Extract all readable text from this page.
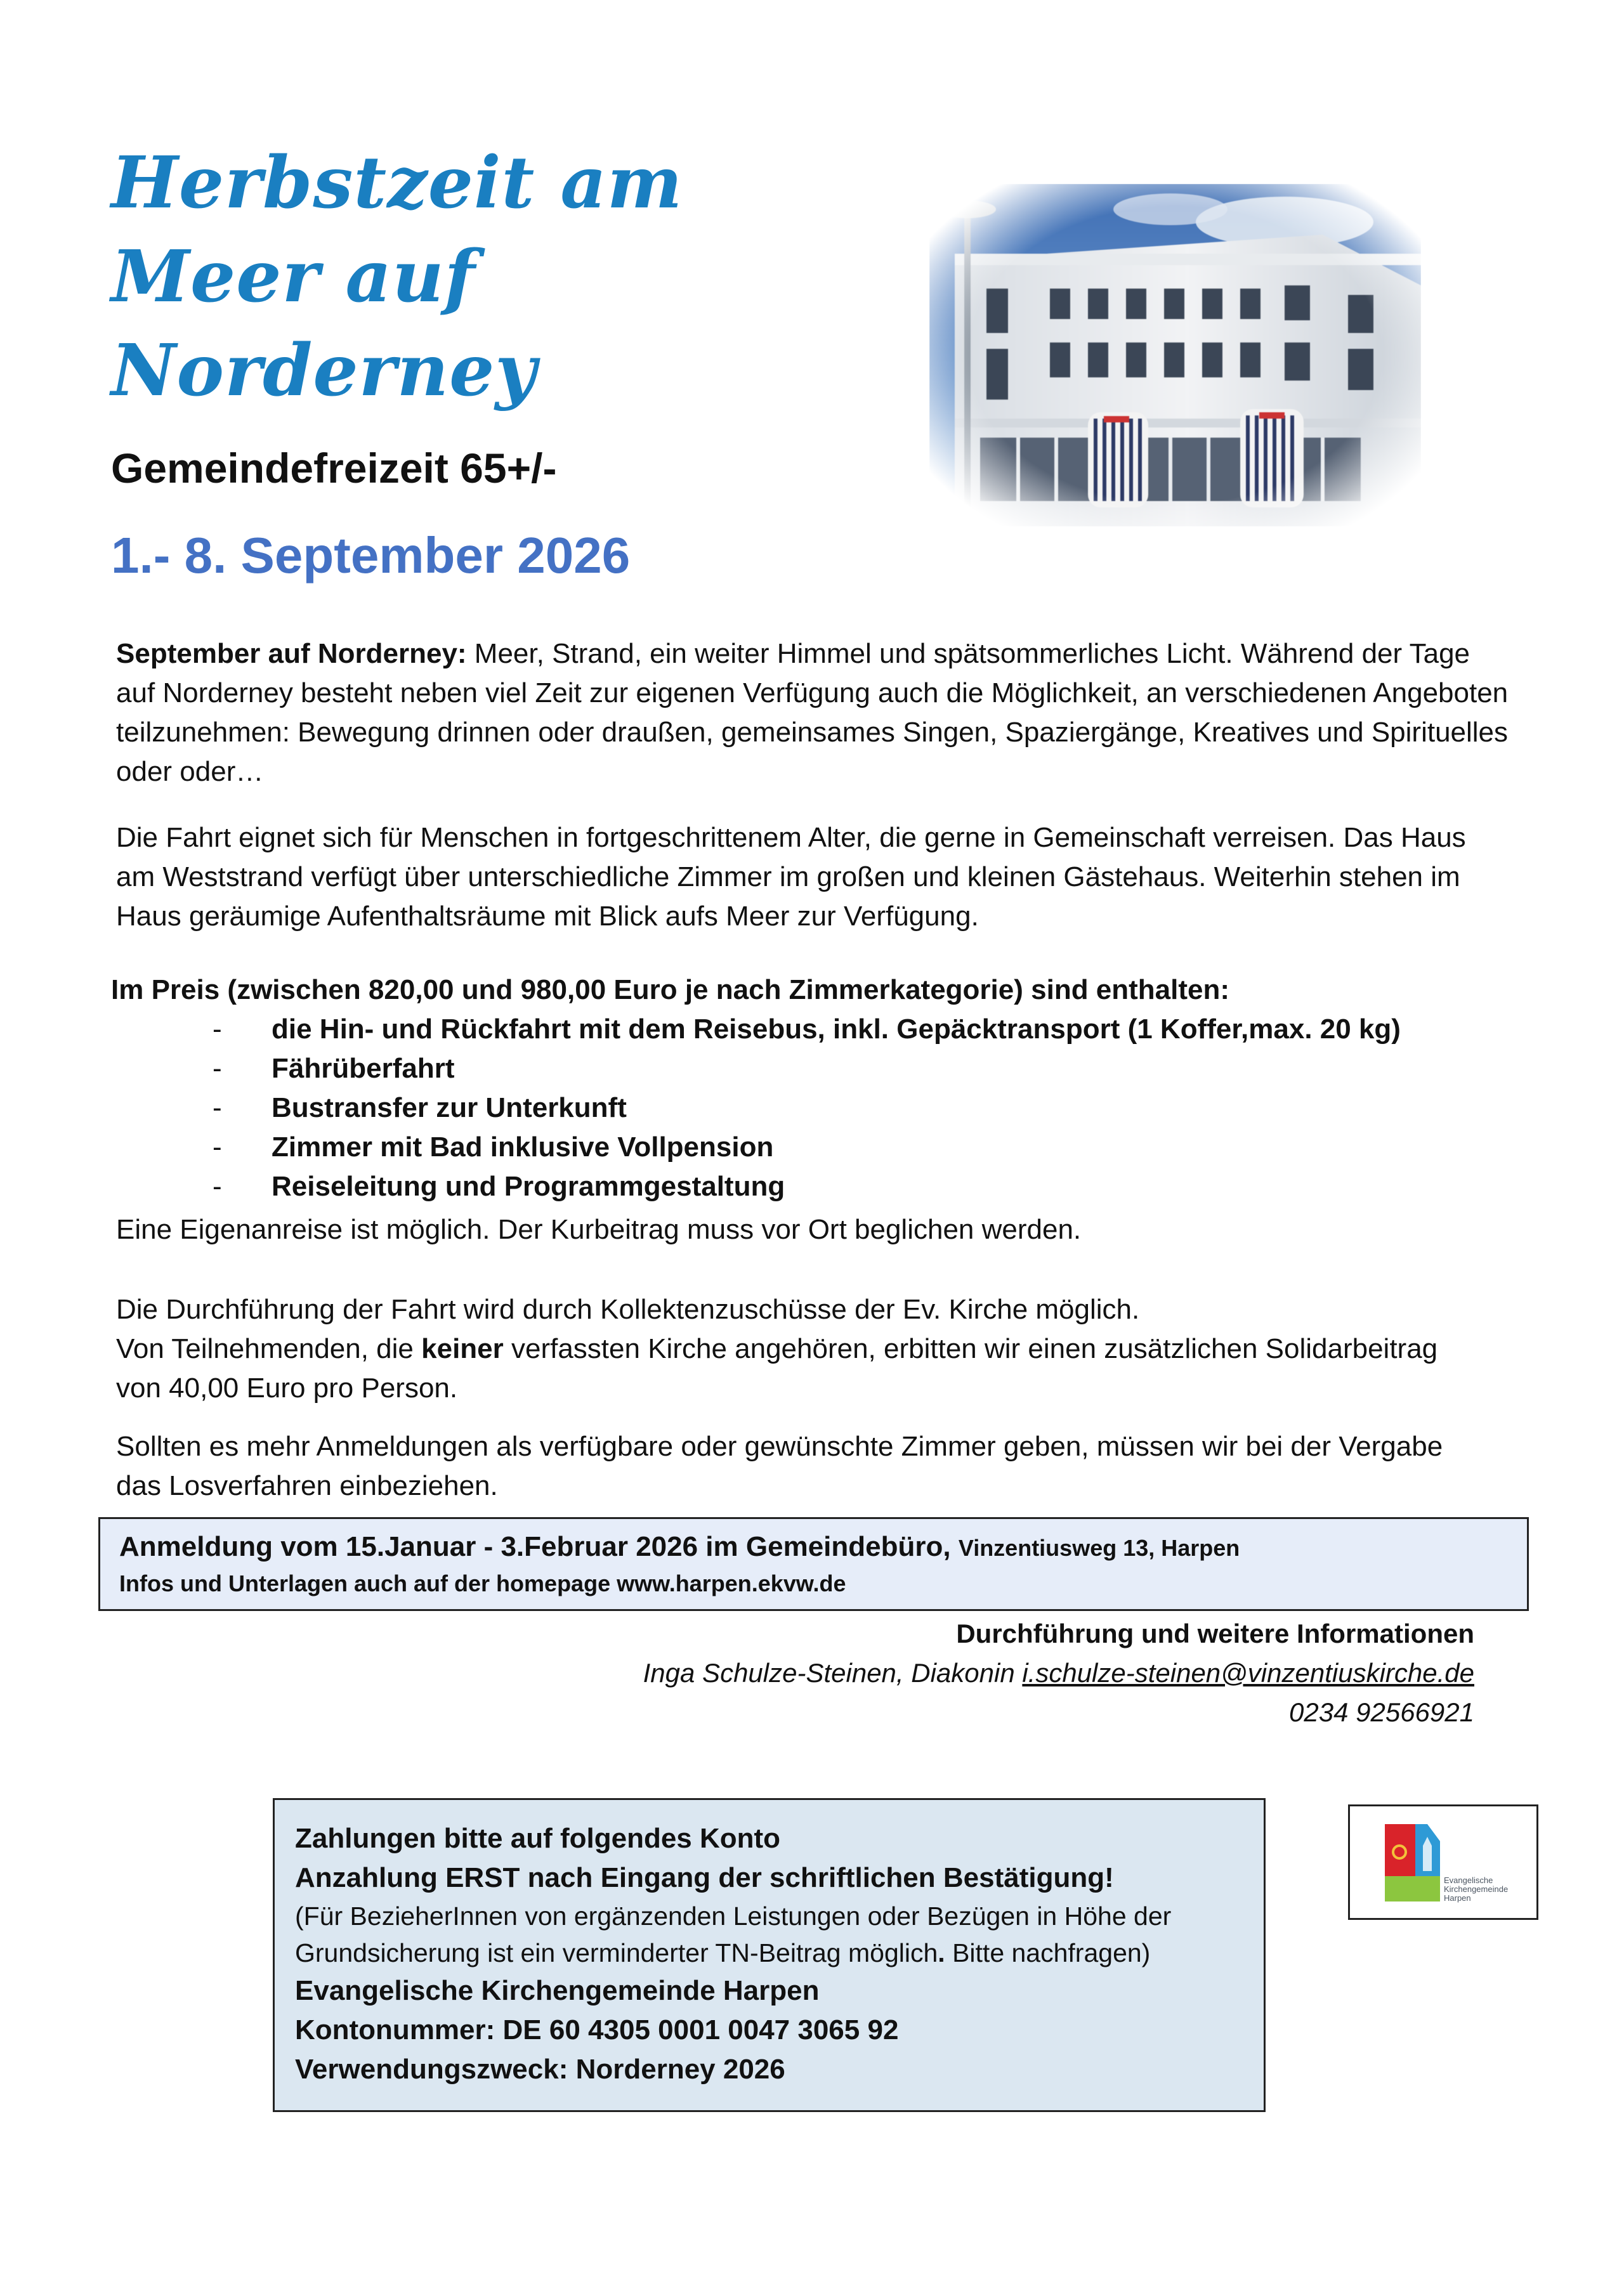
Herbstzeit am
Meer auf
Norderney
Gemeindefreizeit 65+/-
1.- 8. September 2026

September auf Norderney: Meer, Strand, ein weiter Himmel und spätsommerliches Licht. Während der Tage auf Norderney besteht neben viel Zeit zur eigenen Verfügung auch die Möglichkeit, an verschiedenen Angeboten teilzunehmen: Bewegung drinnen oder draußen, gemeinsames Singen, Spaziergänge, Kreatives und Spirituelles oder oder…

Die Fahrt eignet sich für Menschen in fortgeschrittenem Alter, die gerne in Gemeinschaft verreisen. Das Haus am Weststrand verfügt über unterschiedliche Zimmer im großen und kleinen Gästehaus. Weiterhin stehen im Haus geräumige Aufenthaltsräume mit Blick aufs Meer zur Verfügung.
Im Preis (zwischen 820,00 und 980,00 Euro je nach Zimmerkategorie) sind enthalten:
- die Hin- und Rückfahrt mit dem Reisebus, inkl. Gepäcktransport (1 Koffer,max. 20 kg)
- Fährüberfahrt
- Bustransfer zur Unterkunft
- Zimmer mit Bad inklusive Vollpension
- Reiseleitung und Programmgestaltung
Eine Eigenanreise ist möglich. Der Kurbeitrag muss vor Ort beglichen werden.

Die Durchführung der Fahrt wird durch Kollektenzuschüsse der Ev. Kirche möglich.

Von Teilnehmenden, die keiner verfassten Kirche angehören, erbitten wir einen zusätzlichen Solidarbeitrag von 40,00 Euro pro Person.

Sollten es mehr Anmeldungen als verfügbare oder gewünschte Zimmer geben, müssen wir bei der Vergabe das Losverfahren einbeziehen.
Anmeldung vom 15.Januar - 3.Februar 2026 im Gemeindebüro, Vinzentiusweg 13, Harpen
Infos und Unterlagen auch auf der homepage www.harpen.ekvw.de
Durchführung und weitere Informationen
Inga Schulze-Steinen, Diakonin i.schulze-steinen@vinzentiuskirche.de
0234 92566921
Zahlungen bitte auf folgendes Konto
Anzahlung ERST nach Eingang der schriftlichen Bestätigung!
(Für BezieherInnen von ergänzenden Leistungen oder Bezügen in Höhe der Grundsicherung ist ein verminderter TN-Beitrag möglich. Bitte nachfragen)
Evangelische Kirchengemeinde Harpen
Kontonummer: DE 60 4305 0001 0047 3065 92
Verwendungszweck: Norderney 2026
Evangelische
Kirchengemeinde
Harpen
